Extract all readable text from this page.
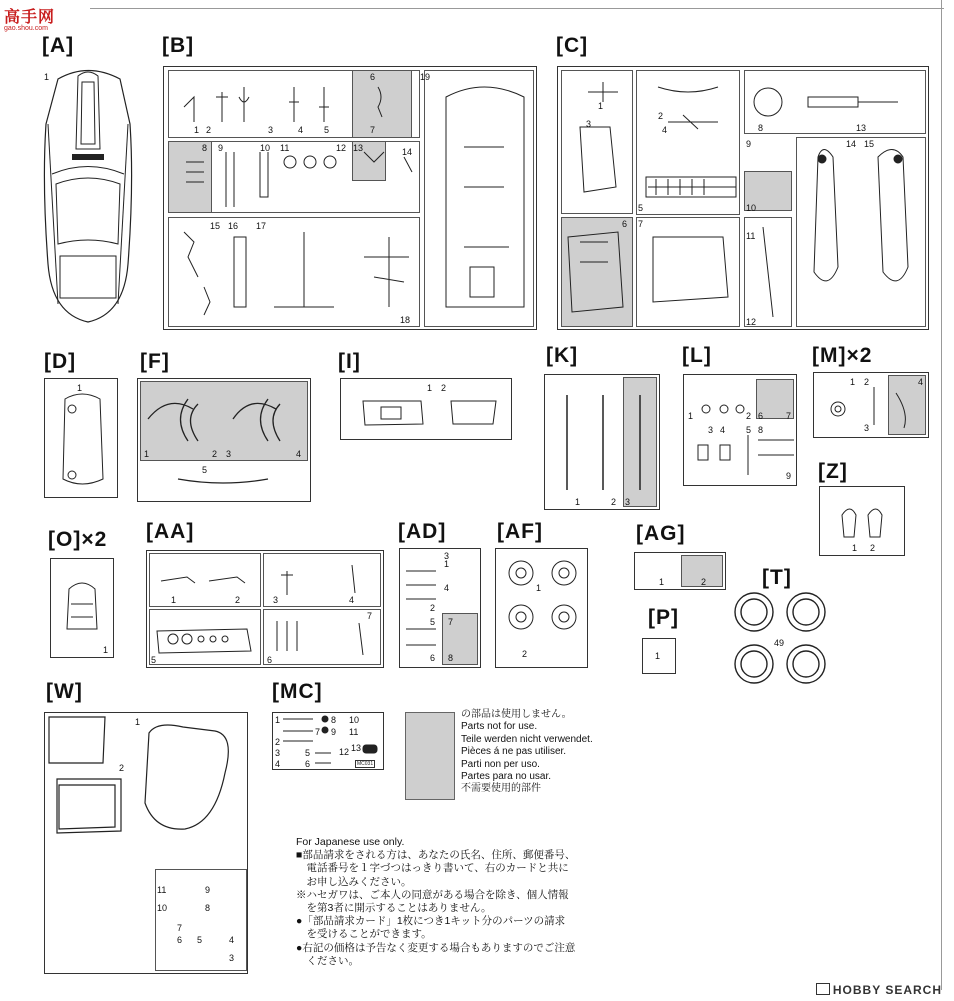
高手网
gao.shou.com
[A]
1
[B]
1 2	3	4 5
6
7
8 9	10 11	12 13	14
15 16 17
18
19
[C]
1
2
3
4
5
6 7
8
9
10
11
12
13
14 15
[D]
1
[F]
1	2 3	4
5
[I]
1 2
[K]
1	2 3
[L]
1	2
3 4 5
6	7
8
9
[M]×2
1 2
3
4
[Z]
1 2
[O]×2
1
[AA]
1	2	3	4
5	6
7
[AD]
1
2
3
4
5
6
7
8
[AF]
1
2
[AG]
1	2
[P]
1
[T]
49
[W]
1
2
3
4
5
6
7
8
9
10
11
[MC]
1
2
3
4
5
6
7
8
9
10
11
12 13
MC031
の部品は使用しません。
Parts not for use.
Teile werden nicht verwendet.
Pièces á ne pas utiliser.
Parti non per uso.
Partes para no usar.
不需要使用的部件
For Japanese use only.
■部品請求をされる方は、あなたの氏名、住所、郵便番号、
　電話番号を１字づつはっきり書いて、右のカードと共に
　お申し込みください。
※ハセガワは、ご本人の同意がある場合を除き、個人情報
　を第3者に開示することはありません。
●「部品請求カード」1枚につき1キット分のパーツの請求
　を受けることができます。
●右記の価格は予告なく変更する場合もありますのでご注意
　ください。
HOBBY SEARCH
